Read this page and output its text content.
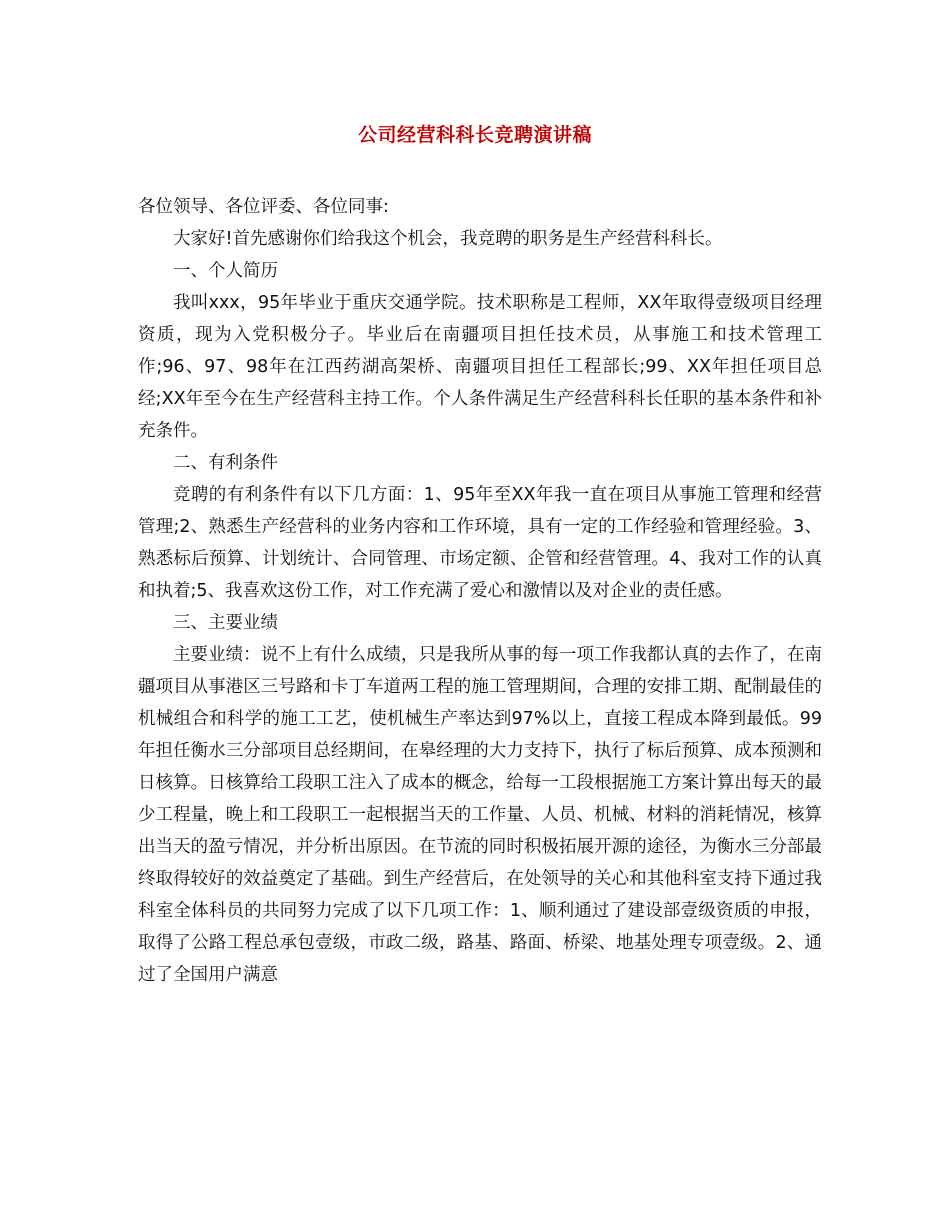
公司经营科科长竞聘演讲稿

各位领导、各位评委、各位同事:

大家好!首先感谢你们给我这个机会，我竞聘的职务是生产经营科科长。

一、个人简历

我叫xxx，95年毕业于重庆交通学院。技术职称是工程师，XX年取得壹级项目经理资质，现为入党积极分子。毕业后在南疆项目担任技术员，从事施工和技术管理工作;96、97、98年在江西药湖高架桥、南疆项目担任工程部长;99、XX年担任项目总经;XX年至今在生产经营科主持工作。个人条件满足生产经营科科长任职的基本条件和补充条件。

二、有利条件

竞聘的有利条件有以下几方面：1、95年至XX年我一直在项目从事施工管理和经营管理;2、熟悉生产经营科的业务内容和工作环境，具有一定的工作经验和管理经验。3、熟悉标后预算、计划统计、合同管理、市场定额、企管和经营管理。4、我对工作的认真和执着;5、我喜欢这份工作，对工作充满了爱心和激情以及对企业的责任感。

三、主要业绩

主要业绩：说不上有什么成绩，只是我所从事的每一项工作我都认真的去作了，在南疆项目从事港区三号路和卡丁车道两工程的施工管理期间，合理的安排工期、配制最佳的机械组合和科学的施工工艺，使机械生产率达到97%以上，直接工程成本降到最低。99年担任衡水三分部项目总经期间，在皋经理的大力支持下，执行了标后预算、成本预测和日核算。日核算给工段职工注入了成本的概念，给每一工段根据施工方案计算出每天的最少工程量，晚上和工段职工一起根据当天的工作量、人员、机械、材料的消耗情况，核算出当天的盈亏情况，并分析出原因。在节流的同时积极拓展开源的途径，为衡水三分部最终取得较好的效益奠定了基础。到生产经营后，在处领导的关心和其他科室支持下通过我科室全体科员的共同努力完成了以下几项工作：1、顺利通过了建设部壹级资质的申报，取得了公路工程总承包壹级，市政二级，路基、路面、桥梁、地基处理专项壹级。2、通过了全国用户满意
